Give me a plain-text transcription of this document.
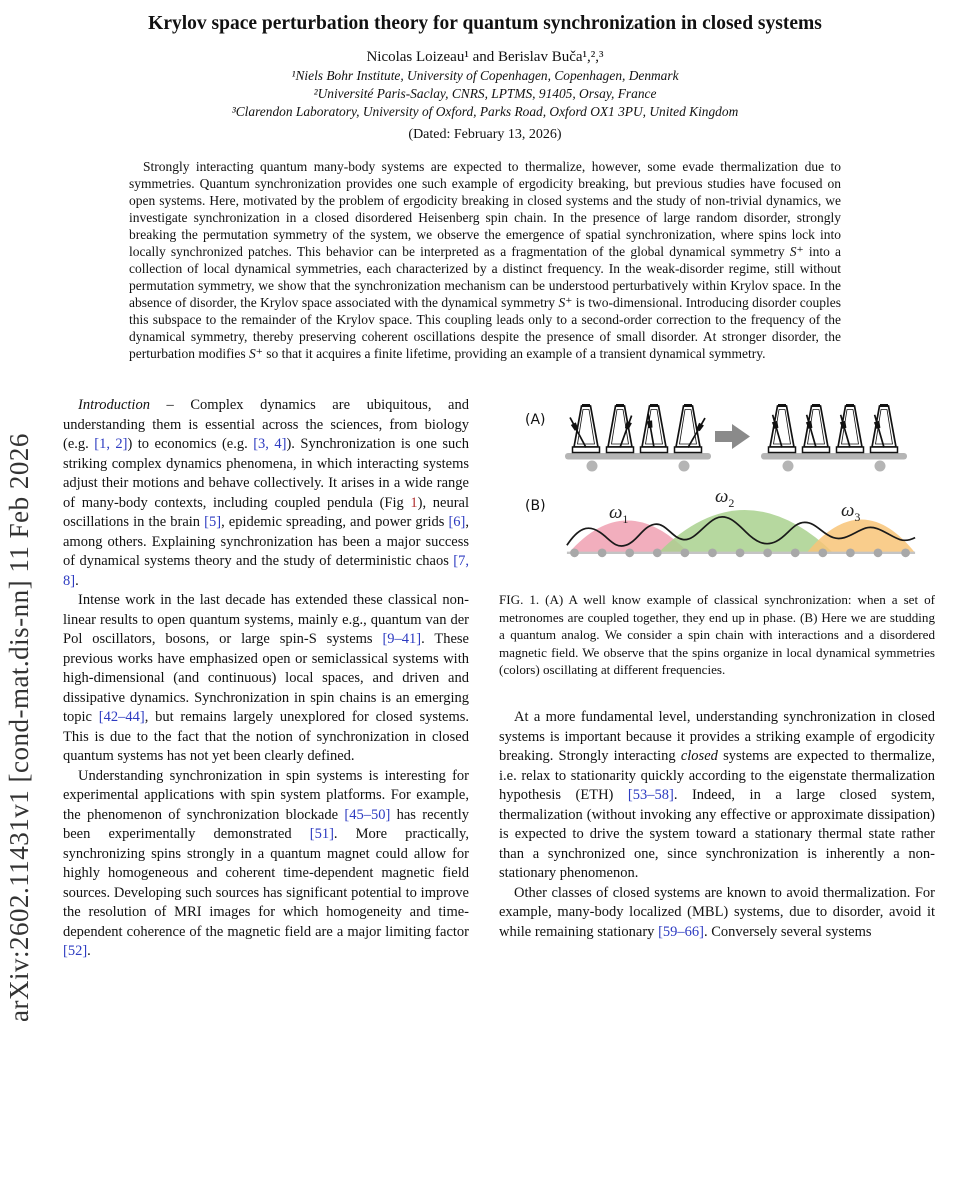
arXiv:2602.11431v1 [cond-mat.dis-nn] 11 Feb 2026
Krylov space perturbation theory for quantum synchronization in closed systems
Nicolas Loizeau¹ and Berislav Buča¹,²,³
¹Niels Bohr Institute, University of Copenhagen, Copenhagen, Denmark
²Université Paris-Saclay, CNRS, LPTMS, 91405, Orsay, France
³Clarendon Laboratory, University of Oxford, Parks Road, Oxford OX1 3PU, United Kingdom
(Dated: February 13, 2026)

Strongly interacting quantum many-body systems are expected to thermalize, however, some evade thermalization due to symmetries. Quantum synchronization provides one such example of ergodicity breaking, but previous studies have focused on open systems. Here, motivated by the problem of ergodicity breaking in closed systems and the study of non-trivial dynamics, we investigate synchronization in a closed disordered Heisenberg spin chain. In the presence of large random disorder, strongly breaking the permutation symmetry of the system, we observe the emergence of spatial synchronization, where spins lock into locally synchronized patches. This behavior can be interpreted as a fragmentation of the global dynamical symmetry S⁺ into a collection of local dynamical symmetries, each characterized by a distinct frequency. In the weak-disorder regime, still without permutation symmetry, we show that the synchronization mechanism can be understood perturbatively within Krylov space. In the absence of disorder, the Krylov space associated with the dynamical symmetry S⁺ is two-dimensional. Introducing disorder couples this subspace to the remainder of the Krylov space. This coupling leads only to a second-order correction to the frequency of the dynamical symmetry, thereby preserving coherent oscillations despite the presence of small disorder. At stronger disorder, the perturbation modifies S⁺ so that it acquires a finite lifetime, providing an example of a transient dynamical symmetry.

Introduction – Complex dynamics are ubiquitous, and understanding them is essential across the sciences, from biology (e.g. [1, 2]) to economics (e.g. [3, 4]). Synchronization is one such striking complex dynamics phenomena, in which interacting systems adjust their motions and behave collectively. It arises in a wide range of many-body contexts, including coupled pendula (Fig 1), neural oscillations in the brain [5], epidemic spreading, and power grids [6], among others. Explaining synchronization has been a major success of dynamical systems theory and the study of deterministic chaos [7, 8].

Intense work in the last decade has extended these classical non-linear results to open quantum systems, mainly e.g., quantum van der Pol oscillators, bosons, or large spin-S systems [9–41]. These previous works have emphasized open or semiclassical systems with high-dimensional (and continuous) local spaces, and driven and dissipative dynamics. Synchronization in spin chains is an emerging topic [42–44], but remains largely unexplored for closed systems. This is due to the fact that the notion of synchronization in closed quantum systems has not yet been clearly defined.

Understanding synchronization in spin systems is interesting for experimental applications with spin system platforms. For example, the phenomenon of synchronization blockade [45–50] has recently been experimentally demonstrated [51]. More practically, synchronizing spins strongly in a quantum magnet could allow for highly homogeneous and coherent time-dependent magnetic field sources. Developing such sources has significant potential to improve the resolution of MRI images for which homogeneity and time-dependent coherence of the magnetic field are a major limiting factor [52].

(A)
(B)	$\omega_1$
$\omega_2$	$\omega_3$
FIG. 1. (A) A well know example of classical synchronization: when a set of metronomes are coupled together, they end up in phase. (B) Here we are studding a quantum analog. We consider a spin chain with interactions and a disordered magnetic field. We observe that the spins organize in local dynamical symmetries (colors) oscillating at different frequencies.

At a more fundamental level, understanding synchronization in closed systems is important because it provides a striking example of ergodicity breaking. Strongly interacting closed systems are expected to thermalize, i.e. relax to stationarity quickly according to the eigenstate thermalization hypothesis (ETH) [53–58]. Indeed, in a large closed system, thermalization (without invoking any effective or approximate dissipation) is expected to drive the system toward a stationary thermal state rather than a synchronized one, since synchronization is inherently a non-stationary phenomenon.

Other classes of closed systems are known to avoid thermalization. For example, many-body localized (MBL) systems, due to disorder, avoid it while remaining stationary [59–66]. Conversely several systems
